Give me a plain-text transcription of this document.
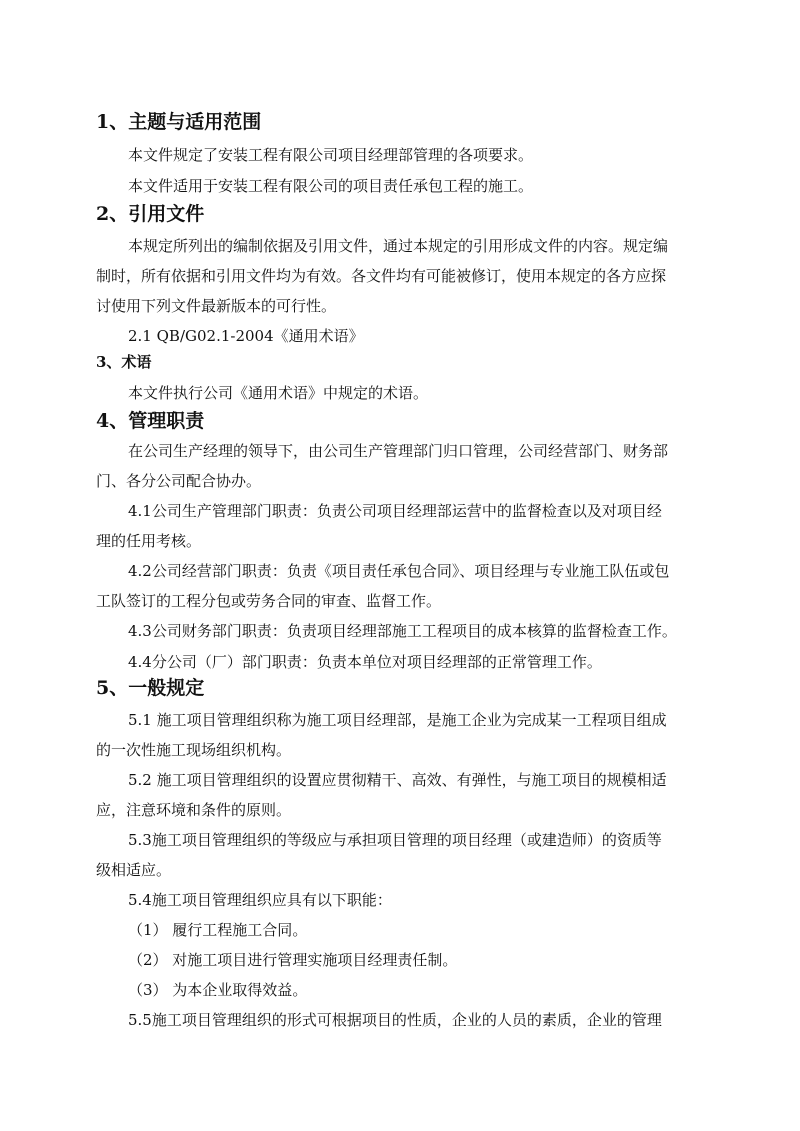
1、主题与适用范围
本文件规定了安装工程有限公司项目经理部管理的各项要求。
本文件适用于安装工程有限公司的项目责任承包工程的施工。
2、引用文件
本规定所列出的编制依据及引用文件，通过本规定的引用形成文件的内容。规定编
制时，所有依据和引用文件均为有效。各文件均有可能被修订，使用本规定的各方应探
讨使用下列文件最新版本的可行性。
2.1 QB/G02.1-2004《通用术语》
3、术语
本文件执行公司《通用术语》中规定的术语。
4、管理职责
在公司生产经理的领导下，由公司生产管理部门归口管理，公司经营部门、财务部
门、各分公司配合协办。
4.1公司生产管理部门职责：负责公司项目经理部运营中的监督检查以及对项目经
理的任用考核。
4.2公司经营部门职责：负责《项目责任承包合同》、项目经理与专业施工队伍或包
工队签订的工程分包或劳务合同的审查、监督工作。
4.3公司财务部门职责：负责项目经理部施工工程项目的成本核算的监督检查工作。
4.4分公司（厂）部门职责：负责本单位对项目经理部的正常管理工作。
5、一般规定
5.1 施工项目管理组织称为施工项目经理部，是施工企业为完成某一工程项目组成
的一次性施工现场组织机构。
5.2 施工项目管理组织的设置应贯彻精干、高效、有弹性，与施工项目的规模相适
应，注意环境和条件的原则。
5.3施工项目管理组织的等级应与承担项目管理的项目经理（或建造师）的资质等
级相适应。
5.4施工项目管理组织应具有以下职能：
（1） 履行工程施工合同。
（2） 对施工项目进行管理实施项目经理责任制。
（3） 为本企业取得效益。
5.5施工项目管理组织的形式可根据项目的性质，企业的人员的素质，企业的管理
